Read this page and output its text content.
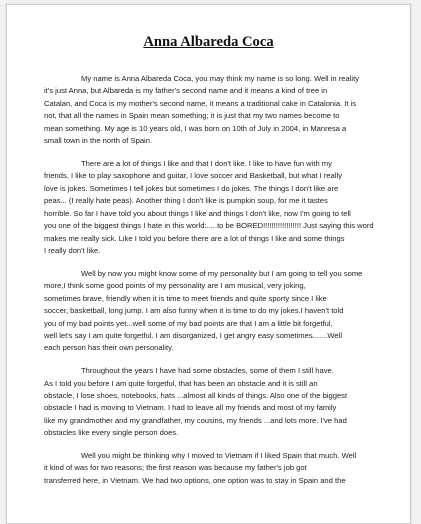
Anna Albareda Coca
My name is Anna Albareda Coca, you may think my name is so long. Well in reality
it's just Anna, but Albareda is my father's second name and it means a kind of tree in
Catalan, and Coca is my mother's second name, it means a traditional cake in Catalonia. It is
not, that all the names in Spain mean something; it is just that my two names become to
mean something. My age is 10 years old, I was born on 10th of July in 2004, in Manresa a
small town in the north of Spain.
There are a lot of things I like and that I don't like. I like to have fun with my
friends, I like to play saxophone and guitar, I love soccer and Basketball, but what I really
love is jokes. Sometimes I tell jokes but sometimes I do jokes. The things I don't like are
peas... (I really hate peas). Another thing I don't like is pumpkin soup, for me it tastes
horrible. So far I have told you about things I like and things I don't like, now I'm going to tell
you one of the biggest things I hate in this world:.....to be BORED!!!!!!!!!!!!!!!!!! Just saying this word
makes me really sick. Like I told you before there are a lot of things I like and some things
I really don't like.
Well by now you might know some of my personality but I am going to tell you some
more,I think some good points of my personality are I am musical, very joking,
sometimes brave, friendly when it is time to meet friends and quite sporty since I like
soccer, basketball, long jump. I am also funny when it is time to do my jokes.I haven't told
you of my bad points yet...well some of my bad points are that I am a little bit forgetful,
well let's say I am quite forgetful. I am disorganized, I get angry easy sometimes.......Well
each person has their own personality.
Throughout the years I have had some obstacles, some of them I still have.
As I told you before I am quite forgetful, that has been an obstacle and it is still an
obstacle, I lose shoes, notebooks, hats ...almost all kinds of things. Also one of the biggest
obstacle I had is moving to Vietnam. I had to leave all my friends and most of my family
like my grandmother and my grandfather, my cousins, my friends ...and lots more. I've had
obstacles like every single person does.
Well you might be thinking why I moved to Vietnam if I liked Spain that much. Well
it kind of was for two reasons; the first reason was because my father's job got
transferred here, in Vietnam. We had two options, one option was to stay in Spain and the
